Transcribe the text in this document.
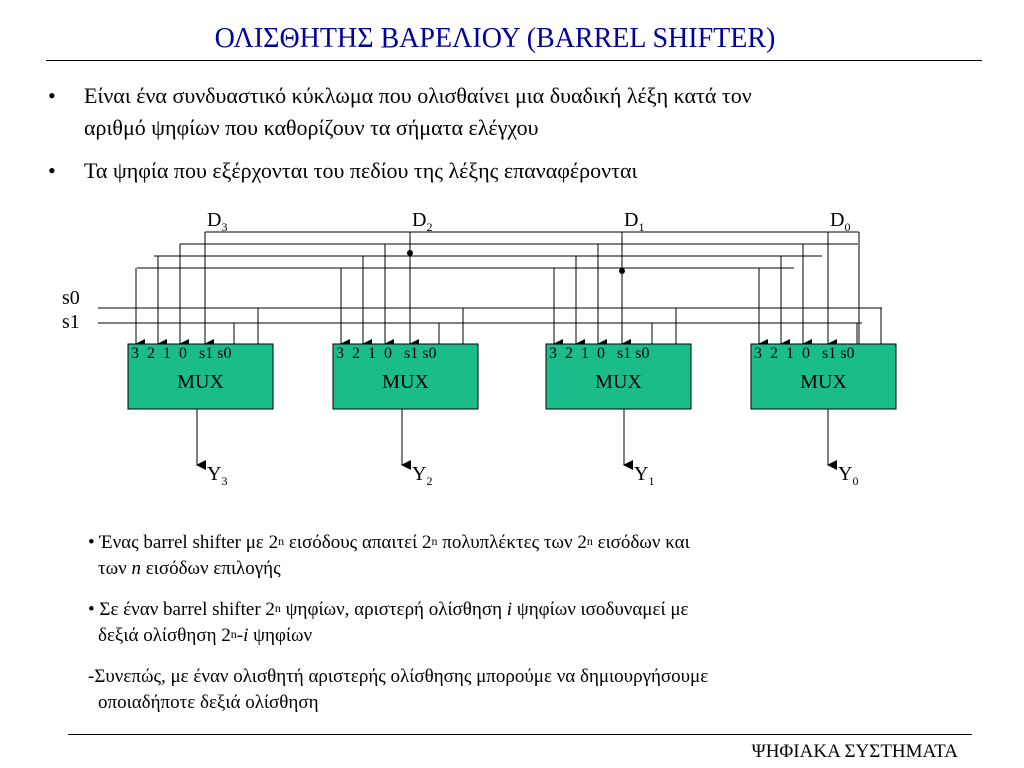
ΟΛΙΣΘΗΤΗΣ ΒΑΡΕΛΙΟΥ (BARREL SHIFTER)
• Είναι ένα συνδυαστικό κύκλωμα που ολισθαίνει μια δυαδική λέξη κατά τον
αριθμό ψηφίων που καθορίζουν τα σήματα ελέγχου
• Τα ψηφία που εξέρχονται του πεδίου της λέξης επαναφέρονται
3  2  1  0   s1 s0
MUX
3  2  1  0   s1 s0
MUX
3  2  1  0   s1 s0
MUX
3  2  1  0   s1 s0
MUX
$D_3$	$D_2$	$D_1$	$D_0$
s0
s1
$Y_3$	$Y_2$	$Y_1$	$Y_0$
• Ένας barrel shifter με 2$^n$ εισόδους απαιτεί 2$^n$ πολυπλέκτες των 2$^n$ εισόδων και
των n εισόδων επιλογής
• Σε έναν barrel shifter 2$^n$ ψηφίων, αριστερή ολίσθηση i ψηφίων ισοδυναμεί με
δεξιά ολίσθηση 2$^n$-i ψηφίων
-Συνεπώς, με έναν ολισθητή αριστερής ολίσθησης μπορούμε να δημιουργήσουμε
οποιαδήποτε δεξιά ολίσθηση
ΨΗΦΙΑΚΑ ΣΥΣΤΗΜΑΤΑ
